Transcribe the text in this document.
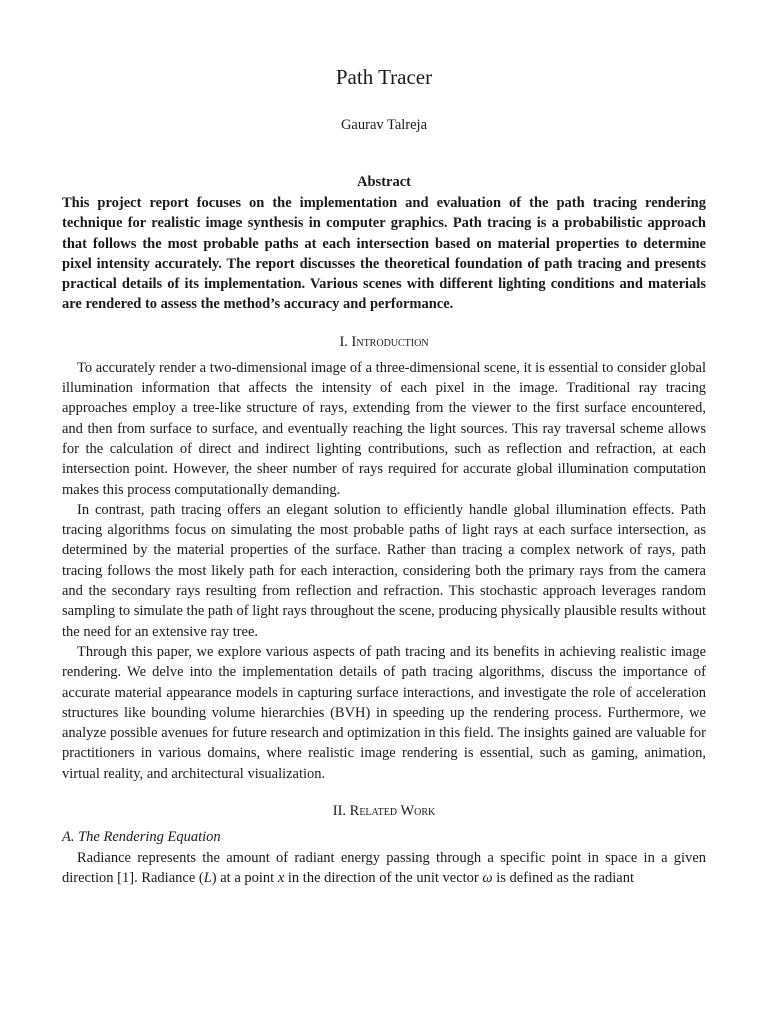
Path Tracer
Gaurav Talreja
Abstract

This project report focuses on the implementation and evaluation of the path tracing rendering technique for realistic image synthesis in computer graphics. Path tracing is a probabilistic approach that follows the most probable paths at each intersection based on material properties to determine pixel intensity accurately. The report discusses the theoretical foundation of path tracing and presents practical details of its implementation. Various scenes with different lighting conditions and materials are rendered to assess the method’s accuracy and performance.

I. Introduction

To accurately render a two-dimensional image of a three-dimensional scene, it is essential to consider global illumination information that affects the intensity of each pixel in the image. Traditional ray tracing approaches employ a tree-like structure of rays, extending from the viewer to the first surface encountered, and then from surface to surface, and eventually reaching the light sources. This ray traversal scheme allows for the calculation of direct and indirect lighting contributions, such as reflection and refraction, at each intersection point. However, the sheer number of rays required for accurate global illumination computation makes this process computationally demanding.

In contrast, path tracing offers an elegant solution to efficiently handle global illumination effects. Path tracing algorithms focus on simulating the most probable paths of light rays at each surface intersection, as determined by the material properties of the surface. Rather than tracing a complex network of rays, path tracing follows the most likely path for each interaction, considering both the primary rays from the camera and the secondary rays resulting from reflection and refraction. This stochastic approach leverages random sampling to simulate the path of light rays throughout the scene, producing physically plausible results without the need for an extensive ray tree.

Through this paper, we explore various aspects of path tracing and its benefits in achieving realistic image rendering. We delve into the implementation details of path tracing algorithms, discuss the importance of accurate material appearance models in capturing surface interactions, and investigate the role of acceleration structures like bounding volume hierarchies (BVH) in speeding up the rendering process. Furthermore, we analyze possible avenues for future research and optimization in this field. The insights gained are valuable for practitioners in various domains, where realistic image rendering is essential, such as gaming, animation, virtual reality, and architectural visualization.

II. Related Work
A. The Rendering Equation

Radiance represents the amount of radiant energy passing through a specific point in space in a given direction [1]. Radiance (L) at a point x in the direction of the unit vector ω is defined as the radiant
